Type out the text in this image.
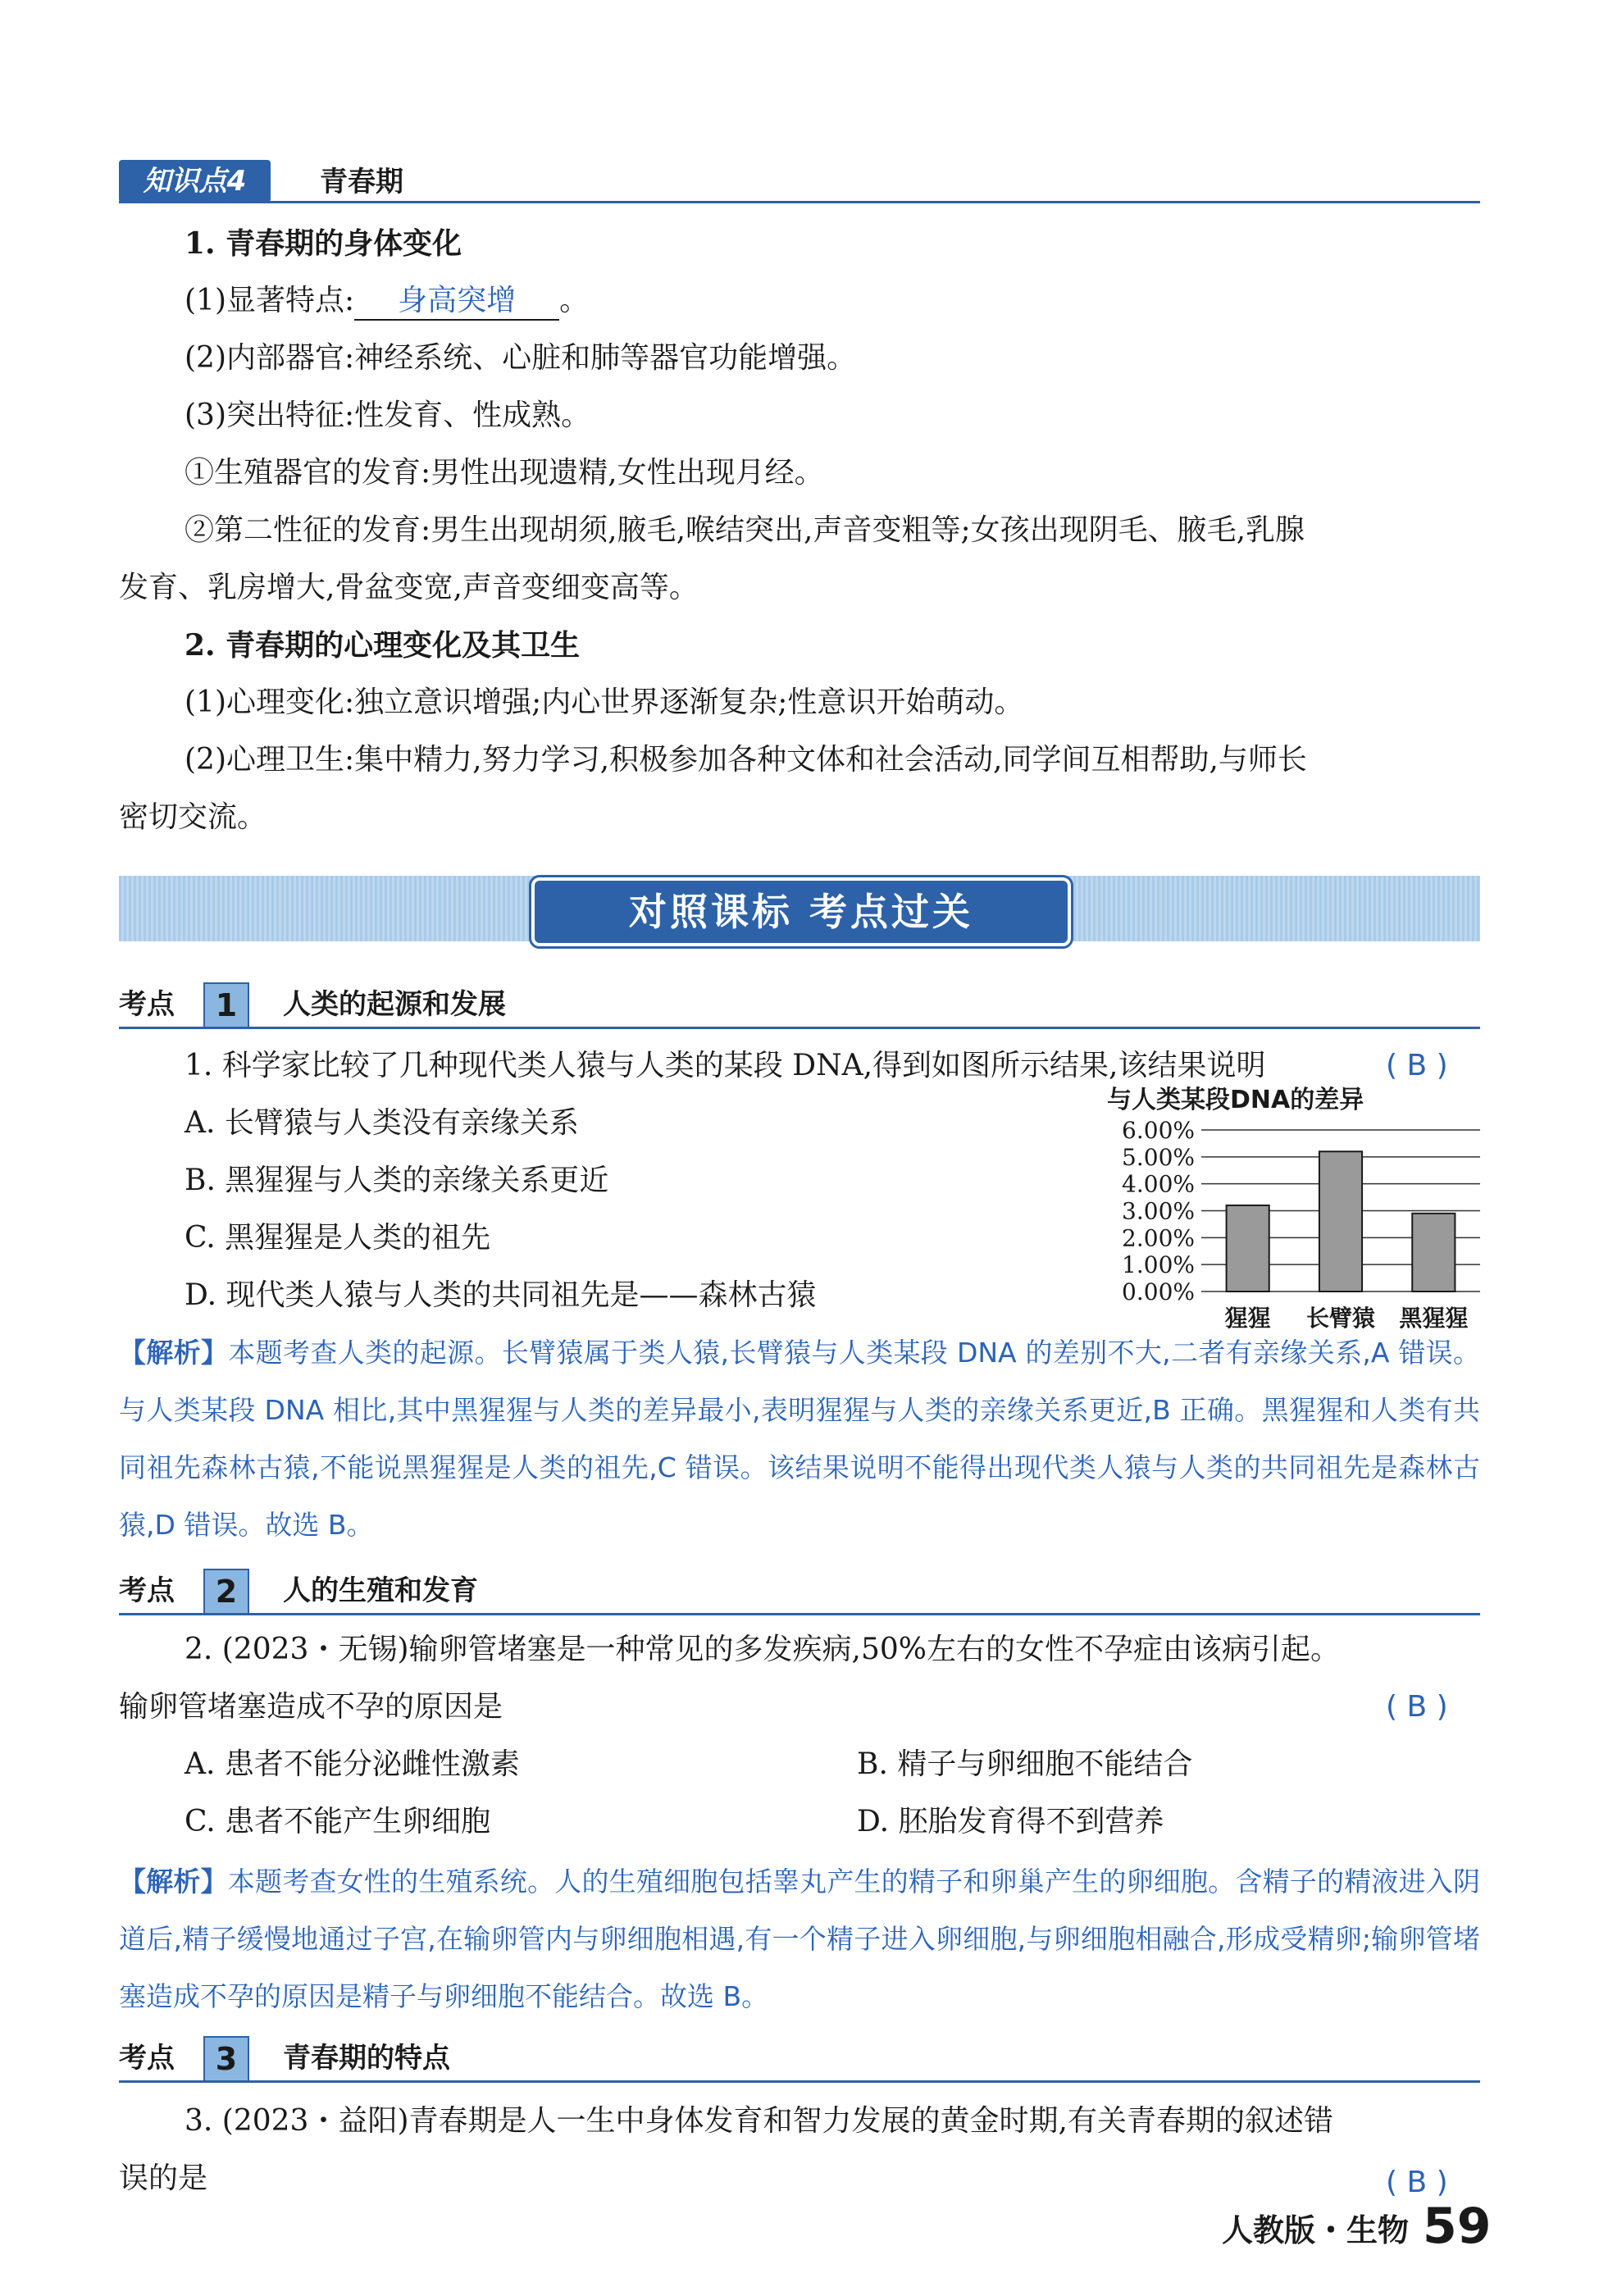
知识点4	青春期
1. 青春期的身体变化
(1)显著特点: 身高突增 。
(2)内部器官:神经系统、心脏和肺等器官功能增强。
(3)突出特征:性发育、性成熟。
①生殖器官的发育:男性出现遗精,女性出现月经。
②第二性征的发育:男生出现胡须,腋毛,喉结突出,声音变粗等;女孩出现阴毛、腋毛,乳腺
发育、乳房增大,骨盆变宽,声音变细变高等。
2. 青春期的心理变化及其卫生
(1)心理变化:独立意识增强;内心世界逐渐复杂;性意识开始萌动。
(2)心理卫生:集中精力,努力学习,积极参加各种文体和社会活动,同学间互相帮助,与师长
密切交流。
对照课标 考点过关
考点	1	人类的起源和发展
1. 科学家比较了几种现代类人猿与人类的某段 DNA,得到如图所示结果,该结果说明	( B )
A. 长臂猿与人类没有亲缘关系
B. 黑猩猩与人类的亲缘关系更近
C. 黑猩猩是人类的祖先
D. 现代类人猿与人类的共同祖先是——森林古猿
与人类某段DNA的差异
0.00%
1.00%
2.00%
3.00%
4.00%
5.00%
6.00%
猩猩 长臂猿 黑猩猩
【解析】本题考查人类的起源。长臂猿属于类人猿,长臂猿与人类某段 DNA 的差别不大,二者有亲缘关系,A 错误。与人类某段 DNA 相比,其中黑猩猩与人类的差异最小,表明猩猩与人类的亲缘关系更近,B 正确。黑猩猩和人类有共同祖先森林古猿,不能说黑猩猩是人类的祖先,C 错误。该结果说明不能得出现代类人猿与人类的共同祖先是森林古猿,D 错误。故选 B。
考点	2	人的生殖和发育
2. (2023・无锡)输卵管堵塞是一种常见的多发疾病,50%左右的女性不孕症由该病引起。
输卵管堵塞造成不孕的原因是	( B )
A. 患者不能分泌雌性激素	B. 精子与卵细胞不能结合
C. 患者不能产生卵细胞	D. 胚胎发育得不到营养
【解析】本题考查女性的生殖系统。人的生殖细胞包括睾丸产生的精子和卵巢产生的卵细胞。含精子的精液进入阴道后,精子缓慢地通过子宫,在输卵管内与卵细胞相遇,有一个精子进入卵细胞,与卵细胞相融合,形成受精卵;输卵管堵塞造成不孕的原因是精子与卵细胞不能结合。故选 B。
考点	3	青春期的特点
3. (2023・益阳)青春期是人一生中身体发育和智力发展的黄金时期,有关青春期的叙述错
误的是	( B )
人教版・生物 59
